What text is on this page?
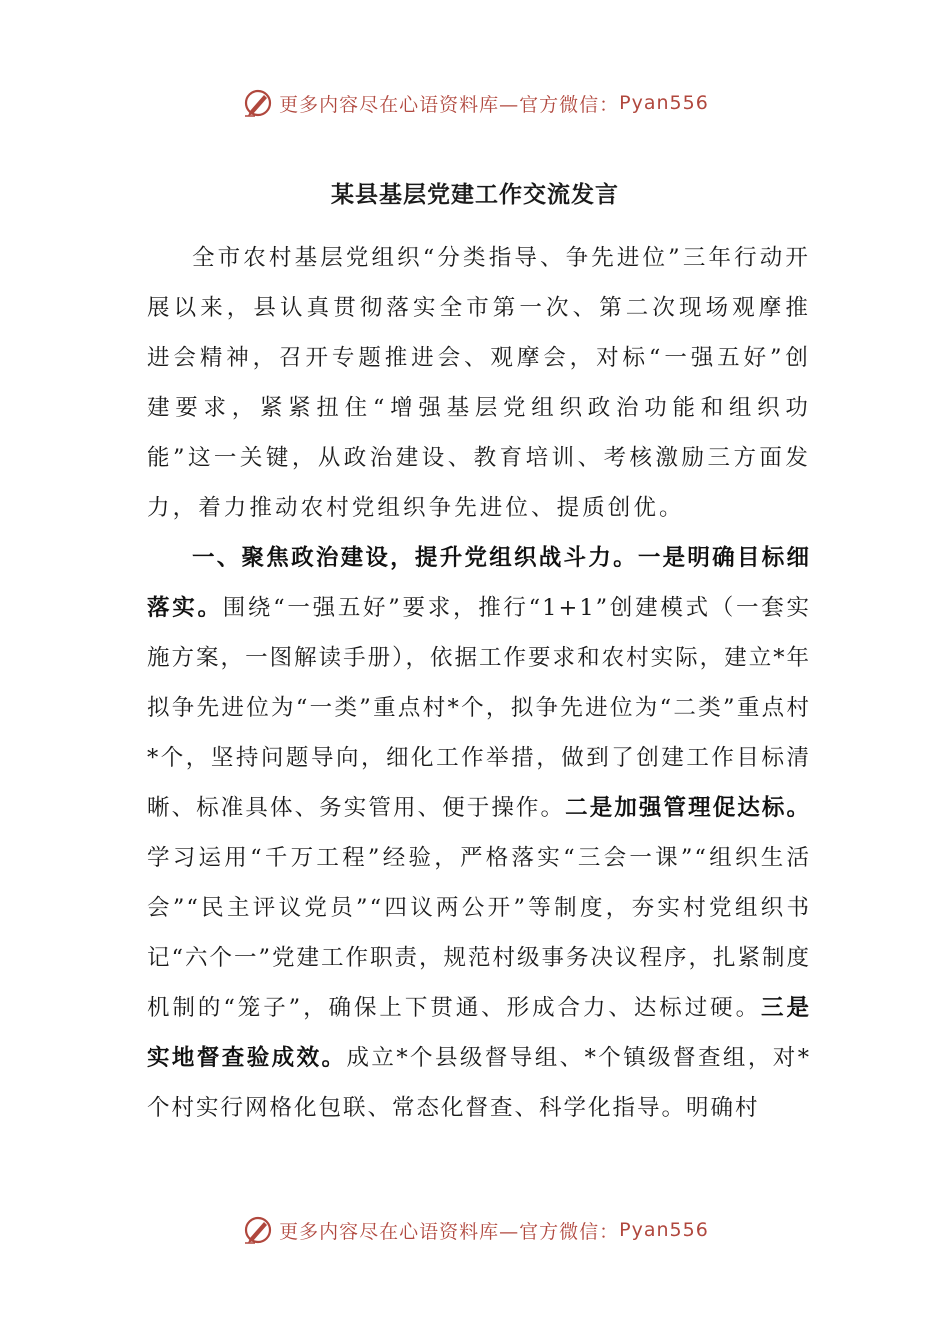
更多内容尽在心语资料库—官方微信： Pyan556
某县基层党建工作交流发言

全市农村基层党组织“分类指导、争先进位”三年行动开展以来，县认真贯彻落实全市第一次、第二次现场观摩推进会精神，召开专题推进会、观摩会，对标“一强五好”创建要求，紧紧扭住“增强基层党组织政治功能和组织功能”这一关键，从政治建设、教育培训、考核激励三方面发力，着力推动农村党组织争先进位、提质创优。

一、聚焦政治建设，提升党组织战斗力。一是明确目标细落实。围绕“一强五好”要求，推行“1+1”创建模式（一套实施方案，一图解读手册），依据工作要求和农村实际，建立*年拟争先进位为“一类”重点村*个，拟争先进位为“二类”重点村*个，坚持问题导向，细化工作举措，做到了创建工作目标清晰、标准具体、务实管用、便于操作。二是加强管理促达标。学习运用“千万工程”经验，严格落实“三会一课”“组织生活会”“民主评议党员”“四议两公开”等制度，夯实村党组织书记“六个一”党建工作职责，规范村级事务决议程序，扎紧制度机制的“笼子”，确保上下贯通、形成合力、达标过硬。三是实地督查验成效。成立*个县级督导组、*个镇级督查组，对*个村实行网格化包联、常态化督查、科学化指导。明确村

更多内容尽在心语资料库—官方微信： Pyan556
